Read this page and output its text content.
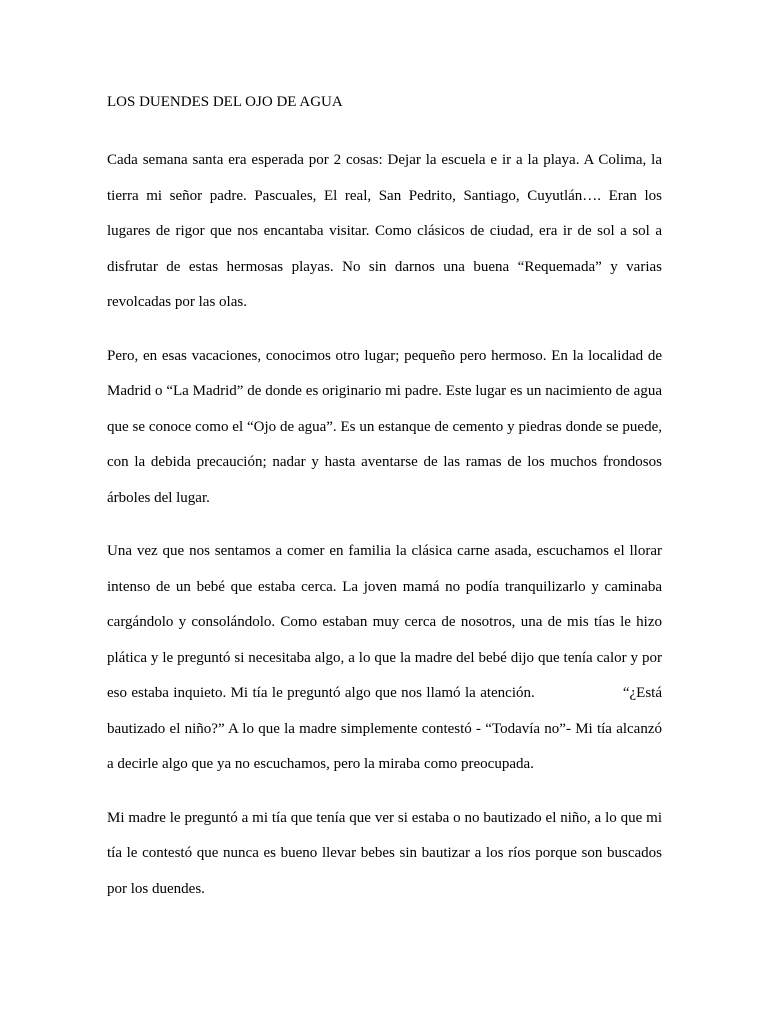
LOS DUENDES DEL OJO DE AGUA

Cada semana santa era esperada por 2 cosas: Dejar la escuela e ir a la playa. A Colima, la tierra mi señor padre. Pascuales, El real, San Pedrito, Santiago, Cuyutlán…. Eran los lugares de rigor que nos encantaba visitar. Como clásicos de ciudad, era ir de sol a sol a disfrutar de estas hermosas playas. No sin darnos una buena “Requemada” y varias revolcadas por las olas.

Pero, en esas vacaciones, conocimos otro lugar; pequeño pero hermoso. En la localidad de Madrid o “La Madrid” de donde es originario mi padre. Este lugar es un nacimiento de agua que se conoce como el “Ojo de agua”. Es un estanque de cemento y piedras donde se puede, con la debida precaución; nadar y hasta aventarse de las ramas de los muchos frondosos árboles del lugar.

Una vez que nos sentamos a comer en familia la clásica carne asada, escuchamos el llorar intenso de un bebé que estaba cerca. La joven mamá no podía tranquilizarlo y caminaba cargándolo y consolándolo. Como estaban muy cerca de nosotros, una de mis tías le hizo plática y le preguntó si necesitaba algo, a lo que la madre del bebé dijo que tenía calor y por eso estaba inquieto. Mi tía le preguntó algo que nos llamó la atención.                    “¿Está bautizado el niño?” A lo que la madre simplemente contestó - “Todavía no”- Mi tía alcanzó a decirle algo que ya no escuchamos, pero la miraba como preocupada.

Mi madre le preguntó a mi tía que tenía que ver si estaba o no bautizado el niño, a lo que mi tía le contestó que nunca es bueno llevar bebes sin bautizar a los ríos porque son buscados por los duendes.
